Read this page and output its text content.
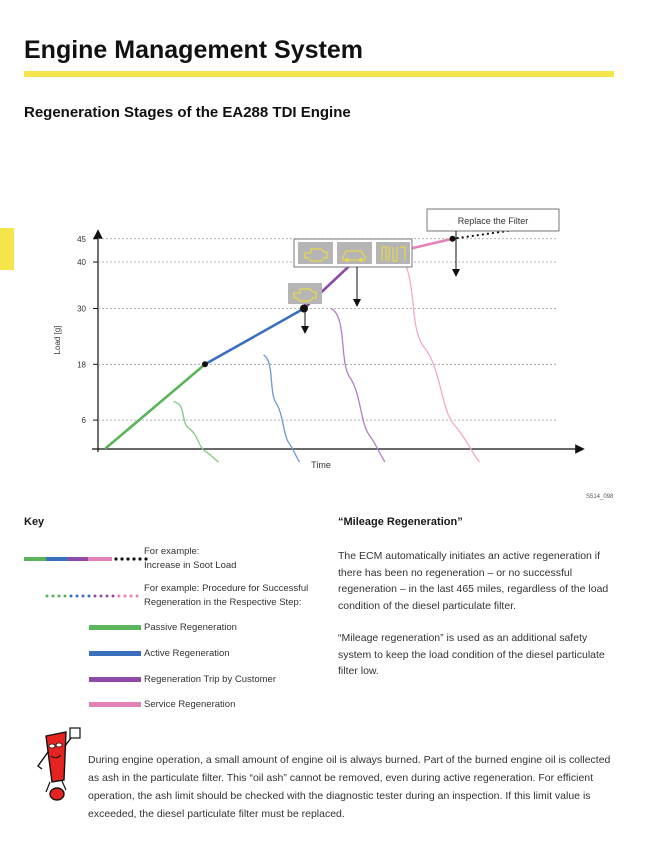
Engine Management System
Regeneration Stages of the EA288 TDI Engine
6
18
30
40
45
Time
Load [g]
Replace the Filter
S514_098
Key
For example:
Increase in Soot Load
For example: Procedure for Successful
Regeneration in the Respective Step:
Passive Regeneration
Active Regeneration
Regeneration Trip by Customer
Service Regeneration
“Mileage Regeneration”
The ECM automatically initiates an active regeneration if there has been no regeneration – or no successful regeneration – in the last 465 miles, regardless of the load condition of the diesel particulate filter.
“Mileage regeneration” is used as an additional safety system to keep the load condition of the diesel particulate filter low.
During engine operation, a small amount of engine oil is always burned. Part of the burned engine oil is collected as ash in the particulate filter. This “oil ash” cannot be removed, even during active regeneration. For efficient operation, the ash limit should be checked with the diagnostic tester during an inspection. If this limit value is exceeded, the diesel particulate filter must be replaced.
